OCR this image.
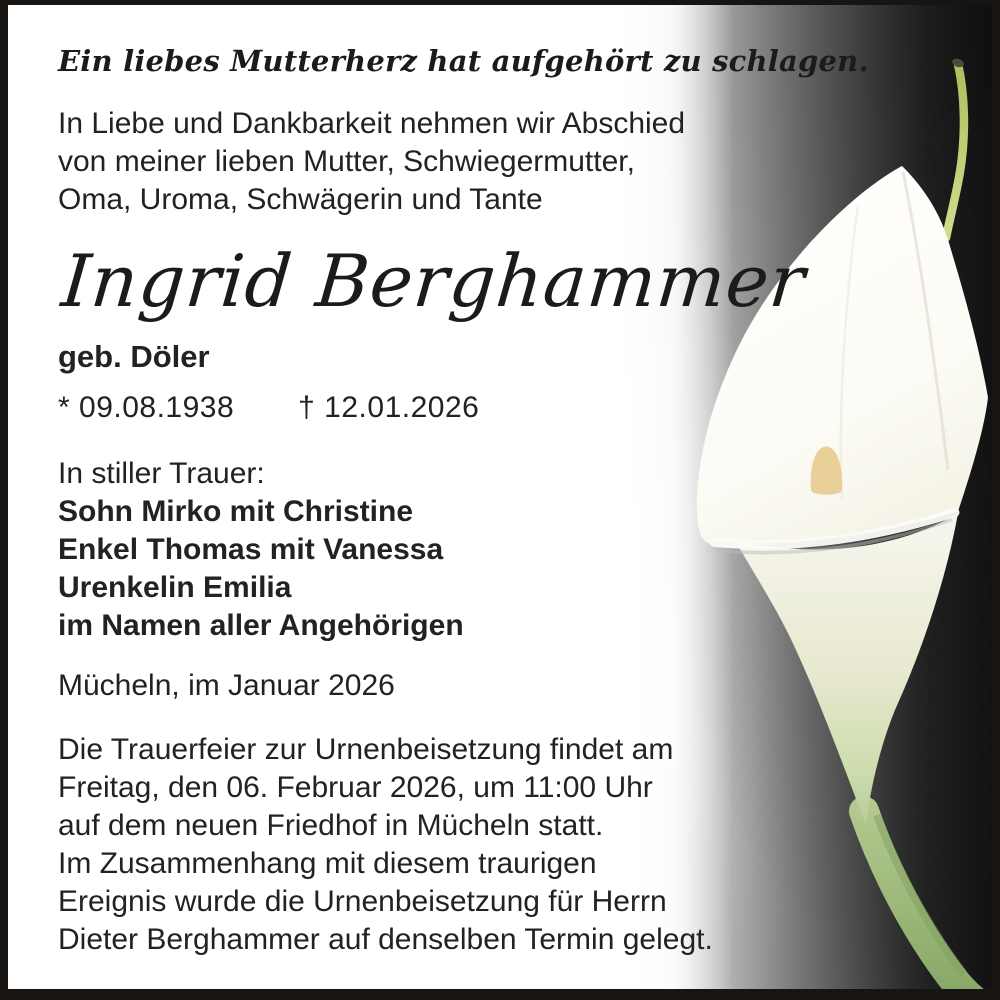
Ein liebes Mutterherz hat aufgehört zu schlagen.
In Liebe und Dankbarkeit nehmen wir Abschied
von meiner lieben Mutter, Schwiegermutter,
Oma, Uroma, Schwägerin und Tante
Ingrid Berghammer
geb. Döler
* 09.08.1938 † 12.01.2026
In stiller Trauer:
Sohn Mirko mit Christine
Enkel Thomas mit Vanessa
Urenkelin Emilia
im Namen aller Angehörigen
Mücheln, im Januar 2026
Die Trauerfeier zur Urnenbeisetzung findet am
Freitag, den 06. Februar 2026, um 11:00 Uhr
auf dem neuen Friedhof in Mücheln statt.
Im Zusammenhang mit diesem traurigen
Ereignis wurde die Urnenbeisetzung für Herrn
Dieter Berghammer auf denselben Termin gelegt.
